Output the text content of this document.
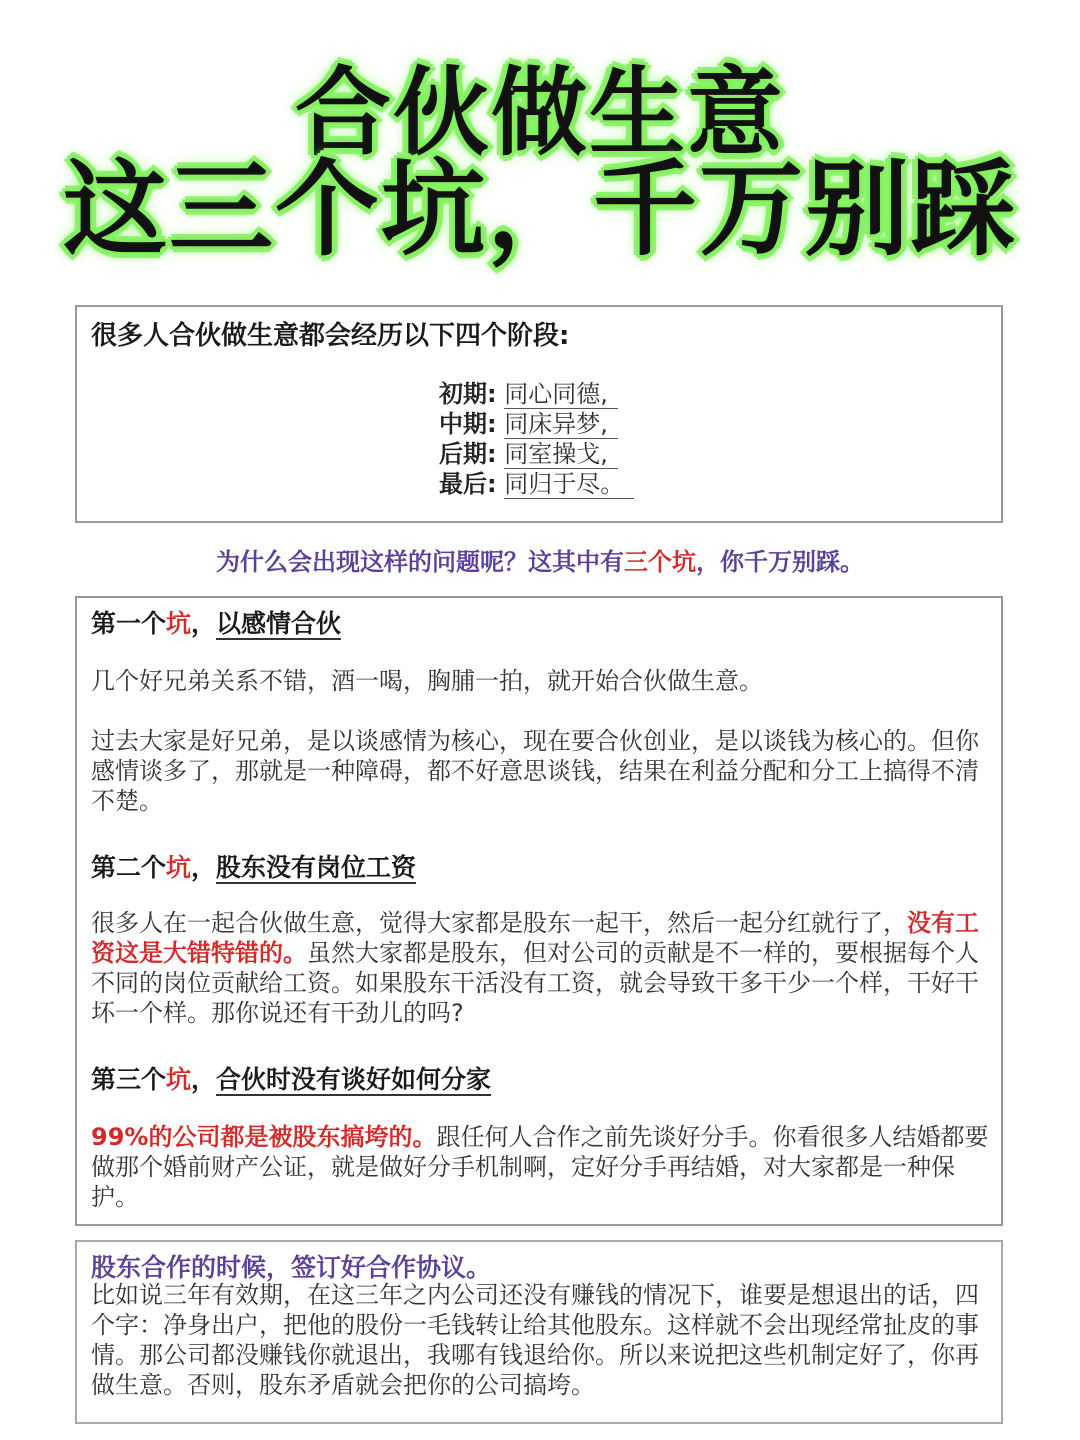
合伙做生意
这三个坑，千万别踩
很多人合伙做生意都会经历以下四个阶段:
初期: 同心同德,
中期: 同床异梦,
后期: 同室操戈,
最后: 同归于尽。
为什么会出现这样的问题呢？这其中有三个坑，你千万别踩。
第一个坑，以感情合伙
几个好兄弟关系不错，酒一喝，胸脯一拍，就开始合伙做生意。
过去大家是好兄弟，是以谈感情为核心，现在要合伙创业，是以谈钱为核心的。但你感情谈多了，那就是一种障碍，都不好意思谈钱，结果在利益分配和分工上搞得不清不楚。
第二个坑，股东没有岗位工资
很多人在一起合伙做生意，觉得大家都是股东一起干，然后一起分红就行了，没有工资这是大错特错的。虽然大家都是股东，但对公司的贡献是不一样的，要根据每个人不同的岗位贡献给工资。如果股东干活没有工资，就会导致干多干少一个样，干好干坏一个样。那你说还有干劲儿的吗?
第三个坑，合伙时没有谈好如何分家
99%的公司都是被股东搞垮的。跟任何人合作之前先谈好分手。你看很多人结婚都要做那个婚前财产公证，就是做好分手机制啊，定好分手再结婚，对大家都是一种保护。
股东合作的时候，签订好合作协议。
比如说三年有效期，在这三年之内公司还没有赚钱的情况下，谁要是想退出的话，四个字：净身出户，把他的股份一毛钱转让给其他股东。这样就不会出现经常扯皮的事情。那公司都没赚钱你就退出，我哪有钱退给你。所以来说把这些机制定好了，你再做生意。否则，股东矛盾就会把你的公司搞垮。
